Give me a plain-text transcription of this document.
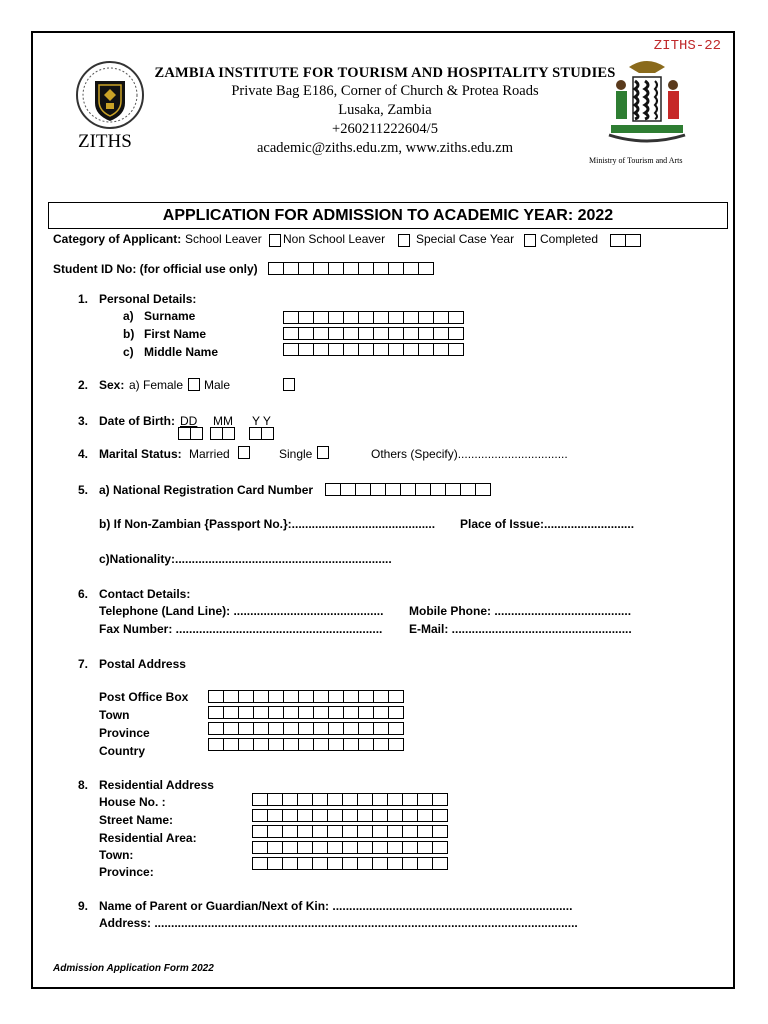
ZITHS-22
ZITHS
ZAMBIA INSTITUTE FOR TOURISM AND HOSPITALITY STUDIES
Private Bag E186, Corner of Church & Protea Roads
Lusaka, Zambia
+260211222604/5
academic@ziths.edu.zm, www.ziths.edu.zm
Ministry of Tourism and Arts
APPLICATION FOR ADMISSION TO ACADEMIC YEAR: 2022
Category of Applicant: School Leaver Non School Leaver	Special Case Year Completed
Student ID No: (for official use only)
1. Personal Details:
a) Surname
b) First Name
c) Middle Name
2. Sex: a) Female Male
3. Date of Birth: DD MM Y Y
4. Marital Status: Married	Single	Others (Specify).................................
5. a) National Registration Card Number
b) If Non-Zambian {Passport No.}:........................................... Place of Issue:...........................
c)Nationality:.................................................................
6. Contact Details:
Telephone (Land Line): ............................................. Mobile Phone: .........................................
Fax Number: .............................................................. E-Mail: ......................................................
7. Postal Address
Post Office Box
Town
Province
Country
8. Residential Address
House No. :
Street Name:
Residential Area:
Town:
Province:
9. Name of Parent or Guardian/Next of Kin: ........................................................................
Address: ...............................................................................................................................
Admission Application Form 2022
